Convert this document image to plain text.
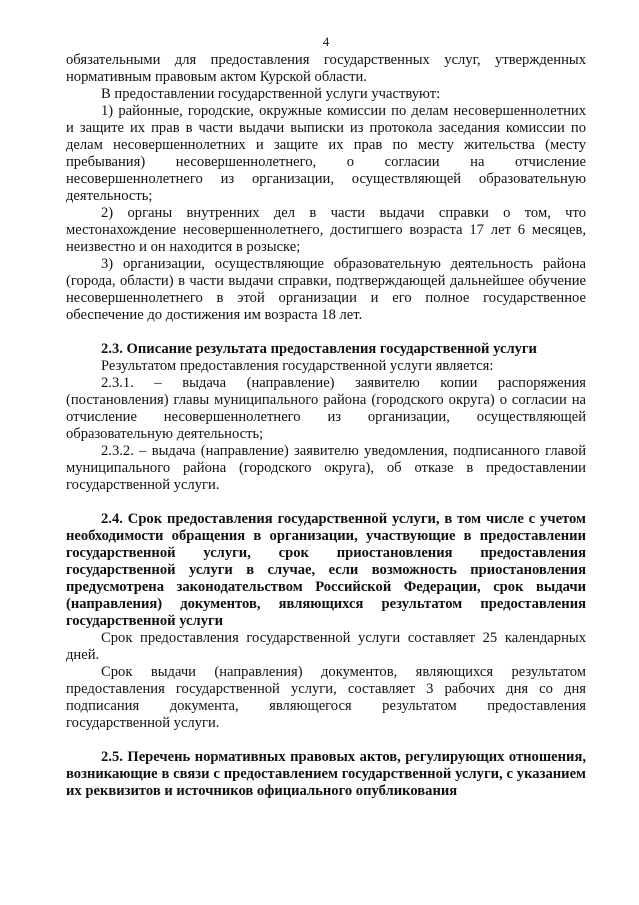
4

обязательными для предоставления государственных услуг, утвержденных нормативным правовым актом Курской области.

В предоставлении государственной услуги участвуют:

1) районные, городские, окружные комиссии по делам несовершеннолетних и защите их прав в части выдачи выписки из протокола заседания комиссии по делам несовершеннолетних и защите их прав по месту жительства (месту пребывания) несовершеннолетнего, о согласии на отчисление несовершеннолетнего из организации, осуществляющей образовательную деятельность;

2) органы внутренних дел в части выдачи справки о том, что местонахождение несовершеннолетнего, достигшего возраста 17 лет 6 месяцев, неизвестно и он находится в розыске;

3) организации, осуществляющие образовательную деятельность района (города, области) в части выдачи справки, подтверждающей дальнейшее обучение несовершеннолетнего в этой организации и его полное государственное обеспечение до достижения им возраста 18 лет.

2.3. Описание результата предоставления государственной услуги

Результатом предоставления государственной услуги является:

2.3.1. – выдача (направление) заявителю копии распоряжения (постановления) главы муниципального района (городского округа) о согласии на отчисление несовершеннолетнего из организации, осуществляющей образовательную деятельность;

2.3.2. – выдача (направление) заявителю уведомления, подписанного главой муниципального района (городского округа), об отказе в предоставлении государственной услуги.

2.4. Срок предоставления государственной услуги, в том числе с учетом необходимости обращения в организации, участвующие в предоставлении государственной услуги, срок приостановления предоставления государственной услуги в случае, если возможность приостановления предусмотрена законодательством Российской Федерации, срок выдачи (направления) документов, являющихся результатом предоставления государственной услуги

Срок предоставления государственной услуги составляет 25 календарных дней.

Срок выдачи (направления) документов, являющихся результатом предоставления государственной услуги, составляет 3 рабочих дня со дня подписания документа, являющегося результатом предоставления государственной услуги.

2.5. Перечень нормативных правовых актов, регулирующих отношения, возникающие в связи с предоставлением государственной услуги, с указанием их реквизитов и источников официального опубликования
